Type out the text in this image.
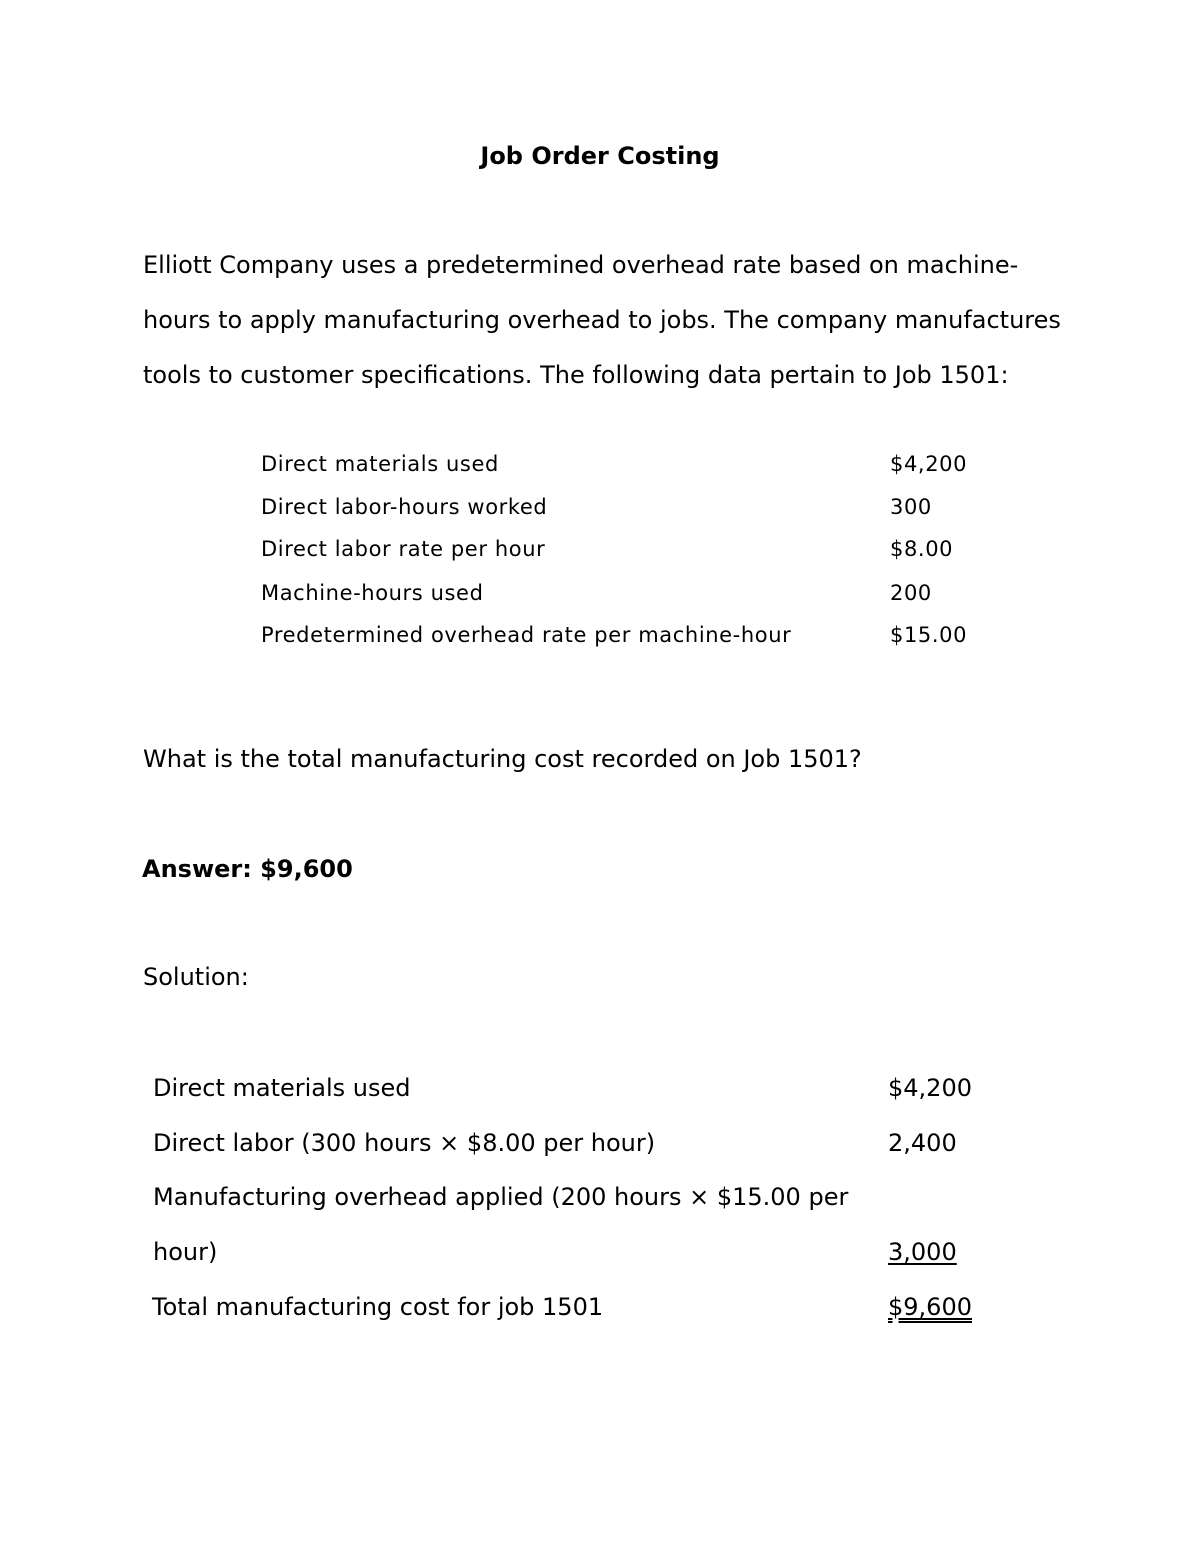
Job Order Costing
Elliott Company uses a predetermined overhead rate based on machine-
hours to apply manufacturing overhead to jobs. The company manufactures
tools to customer specifications. The following data pertain to Job 1501:
Direct materials used	$4,200
Direct labor-hours worked	300
Direct labor rate per hour	$8.00
Machine-hours used	200
Predetermined overhead rate per machine-hour	$15.00
What is the total manufacturing cost recorded on Job 1501?
Answer: $9,600
Solution:
Direct materials used	$4,200
Direct labor (300 hours × $8.00 per hour)	2,400
Manufacturing overhead applied (200 hours × $15.00 per
hour)	3,000
Total manufacturing cost for job 1501	$9,600
